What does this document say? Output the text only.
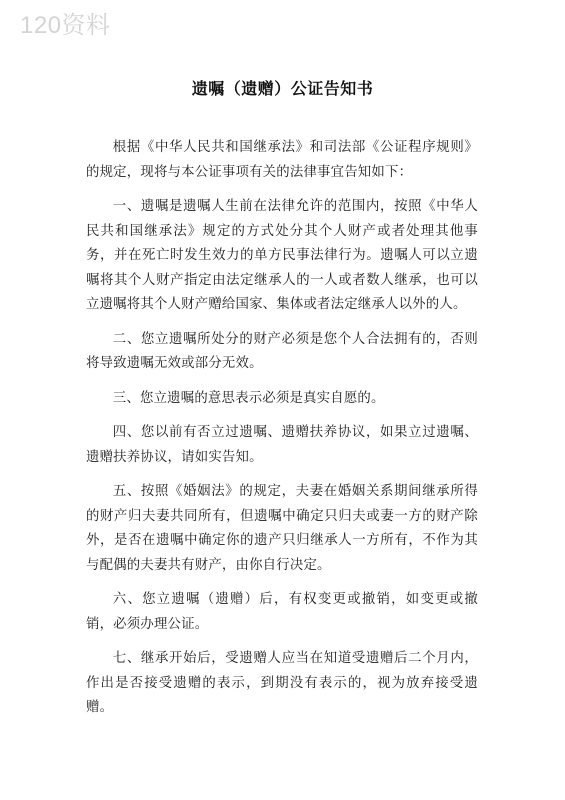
120资料
遗嘱（遗赠）公证告知书

根据《中华人民共和国继承法》和司法部《公证程序规则》的规定，现将与本公证事项有关的法律事宜告知如下：

一、遗嘱是遗嘱人生前在法律允许的范围内，按照《中华人民共和国继承法》规定的方式处分其个人财产或者处理其他事务，并在死亡时发生效力的单方民事法律行为。遗嘱人可以立遗嘱将其个人财产指定由法定继承人的一人或者数人继承，也可以立遗嘱将其个人财产赠给国家、集体或者法定继承人以外的人。

二、您立遗嘱所处分的财产必须是您个人合法拥有的，否则将导致遗嘱无效或部分无效。

三、您立遗嘱的意思表示必须是真实自愿的。

四、您以前有否立过遗嘱、遗赠扶养协议，如果立过遗嘱、遗赠扶养协议，请如实告知。

五、按照《婚姻法》的规定，夫妻在婚姻关系期间继承所得的财产归夫妻共同所有，但遗嘱中确定只归夫或妻一方的财产除外，是否在遗嘱中确定你的遗产只归继承人一方所有，不作为其与配偶的夫妻共有财产，由你自行决定。

六、您立遗嘱（遗赠）后，有权变更或撤销，如变更或撤销，必须办理公证。

七、继承开始后，受遗赠人应当在知道受遗赠后二个月内，作出是否接受遗赠的表示，到期没有表示的，视为放弃接受遗赠。
